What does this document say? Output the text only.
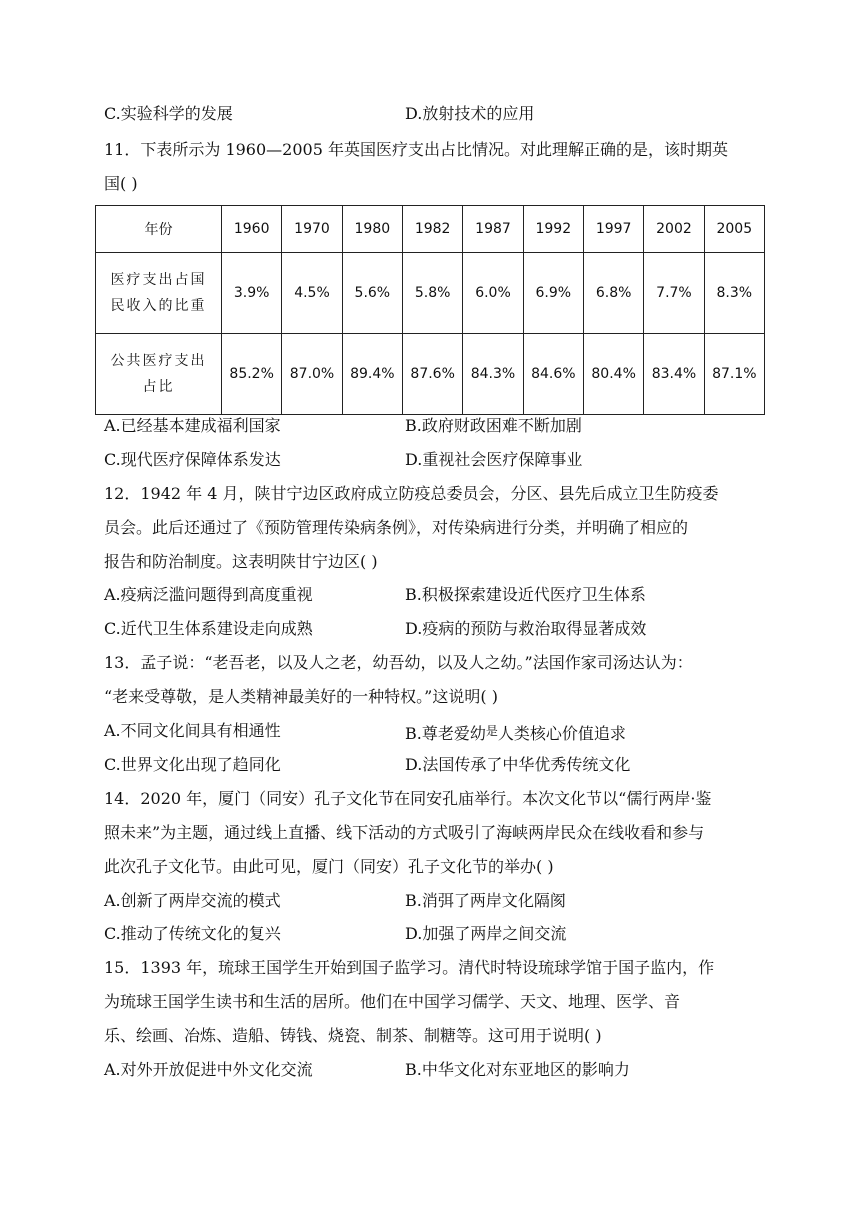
C.实验科学的发展	D.放射技术的应用
11．下表所示为 1960—2005 年英国医疗支出占比情况。对此理解正确的是，该时期英
国( )
年份	1960	1970	1980	1982	1987	1992	1997	2002	2005

医疗支出占国
民收入的比重	3.9%	4.5%	5.6%	5.8%	6.0%	6.9%	6.8%	7.7%	8.3%

公共医疗支出
占比	85.2%	87.0%	89.4%	87.6%	84.3%	84.6%	80.4%	83.4%	87.1%
A.已经基本建成福利国家	B.政府财政困难不断加剧
C.现代医疗保障体系发达	D.重视社会医疗保障事业
12．1942 年 4 月，陕甘宁边区政府成立防疫总委员会，分区、县先后成立卫生防疫委
员会。此后还通过了《预防管理传染病条例》，对传染病进行分类，并明确了相应的
报告和防治制度。这表明陕甘宁边区( )
A.疫病泛滥问题得到高度重视	B.积极探索建设近代医疗卫生体系
C.近代卫生体系建设走向成熟	D.疫病的预防与救治取得显著成效
13．孟子说：“老吾老，以及人之老，幼吾幼，以及人之幼。”法国作家司汤达认为：
“老来受尊敬，是人类精神最美好的一种特权。”这说明( )
A.不同文化间具有相通性	B.尊老爱幼$^是$人类核心价值追求
C.世界文化出现了趋同化	D.法国传承了中华优秀传统文化
14．2020 年，厦门（同安）孔子文化节在同安孔庙举行。本次文化节以“儒行两岸·鉴
照未来”为主题，通过线上直播、线下活动的方式吸引了海峡两岸民众在线收看和参与
此次孔子文化节。由此可见，厦门（同安）孔子文化节的举办( )
A.创新了两岸交流的模式	B.消弭了两岸文化隔阂
C.推动了传统文化的复兴	D.加强了两岸之间交流
15．1393 年，琉球王国学生开始到国子监学习。清代时特设琉球学馆于国子监内，作
为琉球王国学生读书和生活的居所。他们在中国学习儒学、天文、地理、医学、音
乐、绘画、冶炼、造船、铸钱、烧瓷、制茶、制糖等。这可用于说明( )
A.对外开放促进中外文化交流	B.中华文化对东亚地区的影响力
